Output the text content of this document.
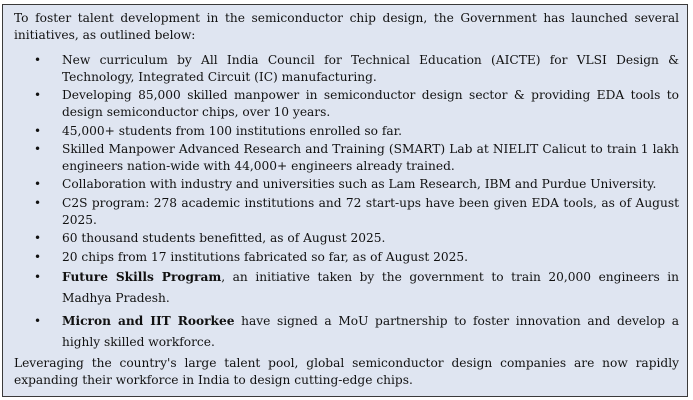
To foster talent development in the semiconductor chip design, the Government has launched several initiatives, as outlined below:

• New curriculum by All India Council for Technical Education (AICTE) for VLSI Design & Technology, Integrated Circuit (IC) manufacturing.
• Developing 85,000 skilled manpower in semiconductor design sector & providing EDA tools to design semiconductor chips, over 10 years.
• 45,000+ students from 100 institutions enrolled so far.
• Skilled Manpower Advanced Research and Training (SMART) Lab at NIELIT Calicut to train 1 lakh engineers nation-wide with 44,000+ engineers already trained.
• Collaboration with industry and universities such as Lam Research, IBM and Purdue University.
• C2S program: 278 academic institutions and 72 start-ups have been given EDA tools, as of August 2025.
• 60 thousand students benefitted, as of August 2025.
• 20 chips from 17 institutions fabricated so far, as of August 2025.
• Future Skills Program, an initiative taken by the government to train 20,000 engineers in Madhya Pradesh.
• Micron and IIT Roorkee have signed a MoU partnership to foster innovation and develop a highly skilled workforce.

Leveraging the country's large talent pool, global semiconductor design companies are now rapidly expanding their workforce in India to design cutting-edge chips.
